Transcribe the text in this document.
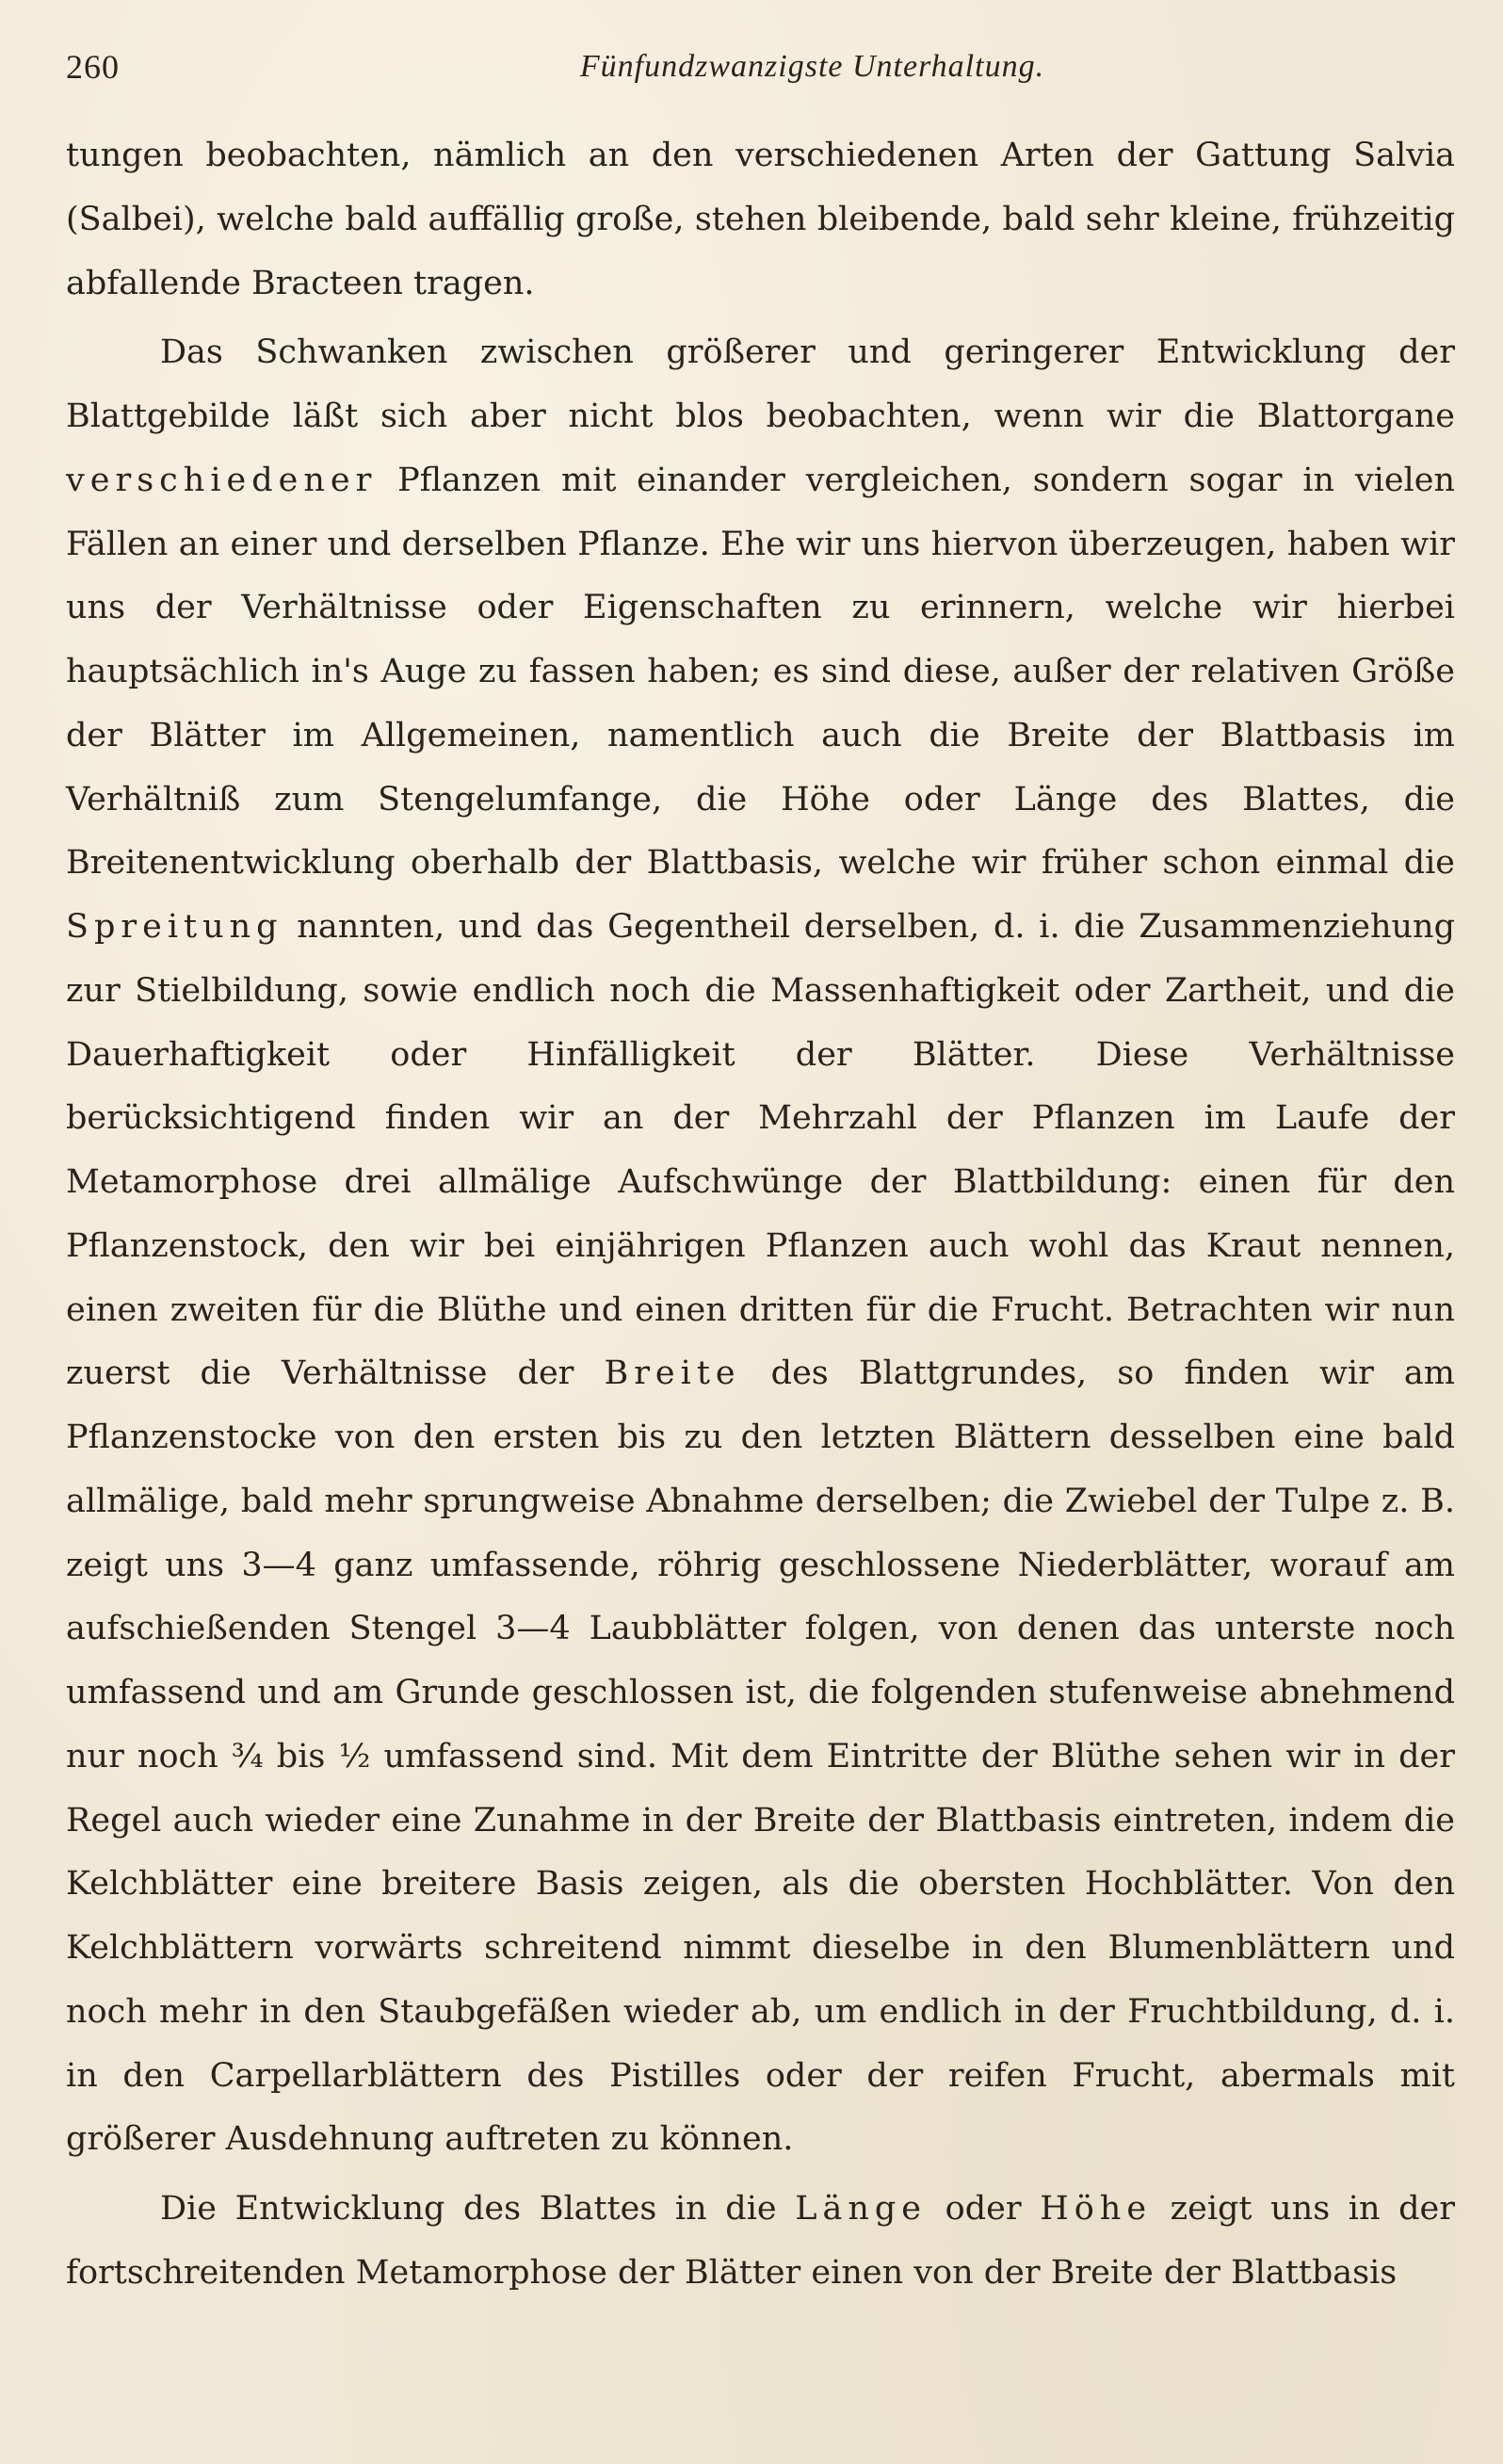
260	Fünfundzwanzigste Unterhaltung.

tungen beobachten, nämlich an den verschiedenen Arten der Gattung Salvia (Salbei), welche bald auffällig große, stehen bleibende, bald sehr kleine, frühzeitig abfallende Bracteen tragen.

Das Schwanken zwischen größerer und geringerer Entwicklung der Blattgebilde läßt sich aber nicht blos beobachten, wenn wir die Blattorgane verschiedener Pflanzen mit einander vergleichen, sondern sogar in vielen Fällen an einer und derselben Pflanze. Ehe wir uns hiervon überzeugen, haben wir uns der Verhältnisse oder Eigenschaften zu erinnern, welche wir hierbei hauptsächlich in's Auge zu fassen haben; es sind diese, außer der relativen Größe der Blätter im Allgemeinen, namentlich auch die Breite der Blattbasis im Verhältniß zum Stengelumfange, die Höhe oder Länge des Blattes, die Breitenentwicklung oberhalb der Blattbasis, welche wir früher schon einmal die Spreitung nannten, und das Gegentheil derselben, d. i. die Zusammenziehung zur Stielbildung, sowie endlich noch die Massenhaftigkeit oder Zartheit, und die Dauerhaftigkeit oder Hinfälligkeit der Blätter. Diese Verhältnisse berücksichtigend finden wir an der Mehrzahl der Pflanzen im Laufe der Metamorphose drei allmälige Aufschwünge der Blattbildung: einen für den Pflanzenstock, den wir bei einjährigen Pflanzen auch wohl das Kraut nennen, einen zweiten für die Blüthe und einen dritten für die Frucht. Betrachten wir nun zuerst die Verhältnisse der Breite des Blattgrundes, so finden wir am Pflanzenstocke von den ersten bis zu den letzten Blättern desselben eine bald allmälige, bald mehr sprungweise Abnahme derselben; die Zwiebel der Tulpe z. B. zeigt uns 3—4 ganz umfassende, röhrig geschlossene Niederblätter, worauf am aufschießenden Stengel 3—4 Laubblätter folgen, von denen das unterste noch umfassend und am Grunde geschlossen ist, die folgenden stufenweise abnehmend nur noch ¾ bis ½ umfassend sind. Mit dem Eintritte der Blüthe sehen wir in der Regel auch wieder eine Zunahme in der Breite der Blattbasis eintreten, indem die Kelchblätter eine breitere Basis zeigen, als die obersten Hochblätter. Von den Kelchblättern vorwärts schreitend nimmt dieselbe in den Blumenblättern und noch mehr in den Staubgefäßen wieder ab, um endlich in der Fruchtbildung, d. i. in den Carpellarblättern des Pistilles oder der reifen Frucht, abermals mit größerer Ausdehnung auftreten zu können.

Die Entwicklung des Blattes in die Länge oder Höhe zeigt uns in der fortschreitenden Metamorphose der Blätter einen von der Breite der Blattbasis
